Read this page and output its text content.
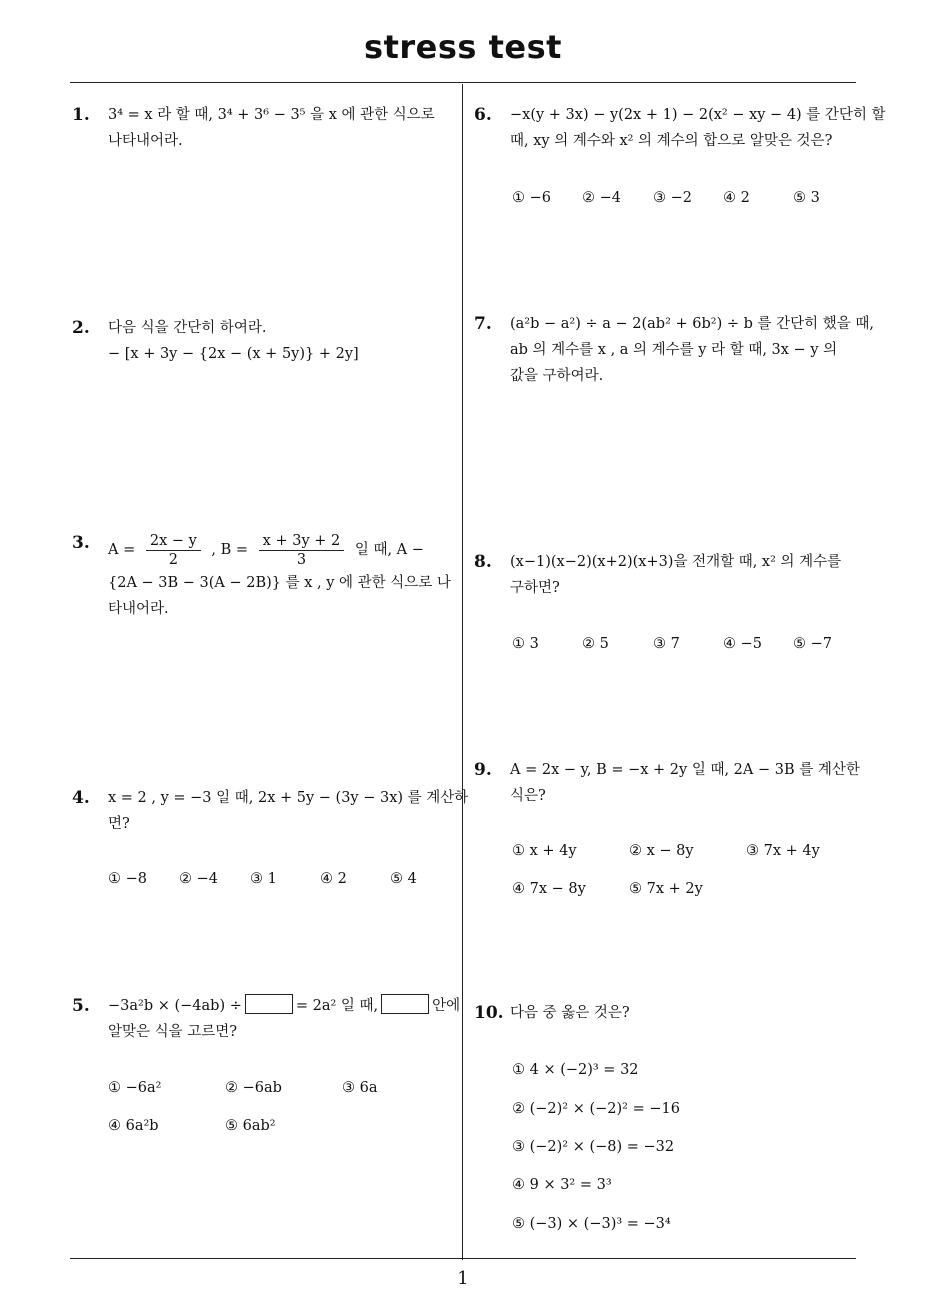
stress test
1. 3⁴ = x 라 할 때, 3⁴ + 3⁶ − 3⁵ 을 x 에 관한 식으로
나타내어라.
2. 다음 식을 간단히 하여라.
− [x + 3y − {2x − (x + 5y)} + 2y]
3. $A = \frac{2x - y}{2}$ , $B = \frac{x + 3y + 2}{3}$ 일 때, A −
{2A − 3B − 3(A − 2B)} 를 x , y 에 관한 식으로 나
타내어라.
4. x = 2 , y = −3 일 때, 2x + 5y − (3y − 3x) 를 계산하
면?
① −8 ② −4 ③ 1	④ 2	⑤ 4
5. −3a²b × (−4ab) ÷	= 2a² 일 때,	안에
알맞은 식을 고르면?
① −6a²	② −6ab	③ 6a
④ 6a²b	⑤ 6ab²
6. −x(y + 3x) − y(2x + 1) − 2(x² − xy − 4) 를 간단히 할
때, xy 의 계수와 x² 의 계수의 합으로 알맞은 것은?
① −6 ② −4 ③ −2 ④ 2	⑤ 3
7. (a²b − a²) ÷ a − 2(ab² + 6b²) ÷ b 를 간단히 했을 때,
ab 의 계수를 x , a 의 계수를 y 라 할 때, 3x − y 의
값을 구하여라.
8. (x−1)(x−2)(x+2)(x+3)을 전개할 때, x² 의 계수를
구하면?
① 3	② 5	③ 7	④ −5 ⑤ −7
9. A = 2x − y, B = −x + 2y 일 때, 2A − 3B 를 계산한
식은?
① x + 4y	② x − 8y	③ 7x + 4y
④ 7x − 8y	⑤ 7x + 2y
10. 다음 중 옳은 것은?
① 4 × (−2)³ = 32
② (−2)² × (−2)² = −16
③ (−2)² × (−8) = −32
④ 9 × 3² = 3³
⑤ (−3) × (−3)³ = −3⁴
1
